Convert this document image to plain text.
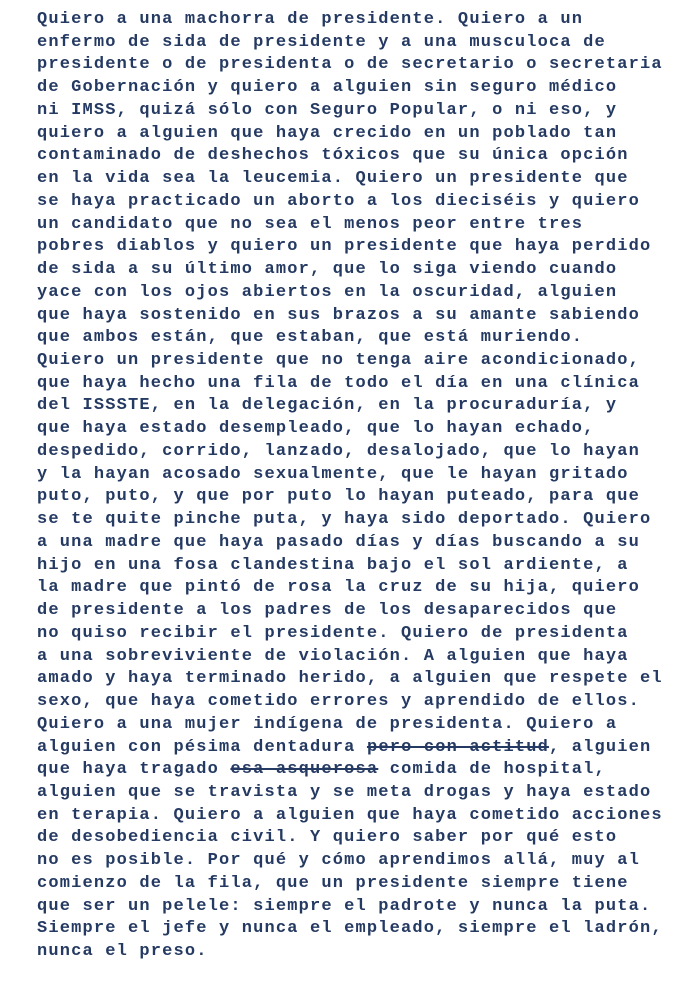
Quiero a una machorra de presidente. Quiero a un
enfermo de sida de presidente y a una musculoca de
presidente o de presidenta o de secretario o secretaria
de Gobernación y quiero a alguien sin seguro médico
ni IMSS, quizá sólo con Seguro Popular, o ni eso, y
quiero a alguien que haya crecido en un poblado tan
contaminado de deshechos tóxicos que su única opción
en la vida sea la leucemia. Quiero un presidente que
se haya practicado un aborto a los dieciséis y quiero
un candidato que no sea el menos peor entre tres
pobres diablos y quiero un presidente que haya perdido
de sida a su último amor, que lo siga viendo cuando
yace con los ojos abiertos en la oscuridad, alguien
que haya sostenido en sus brazos a su amante sabiendo
que ambos están, que estaban, que está muriendo.
Quiero un presidente que no tenga aire acondicionado,
que haya hecho una fila de todo el día en una clínica
del ISSSTE, en la delegación, en la procuraduría, y
que haya estado desempleado, que lo hayan echado,
despedido, corrido, lanzado, desalojado, que lo hayan
y la hayan acosado sexualmente, que le hayan gritado
puto, puto, y que por puto lo hayan puteado, para que
se te quite pinche puta, y haya sido deportado. Quiero
a una madre que haya pasado días y días buscando a su
hijo en una fosa clandestina bajo el sol ardiente, a
la madre que pintó de rosa la cruz de su hija, quiero
de presidente a los padres de los desaparecidos que
no quiso recibir el presidente. Quiero de presidenta
a una sobreviviente de violación. A alguien que haya
amado y haya terminado herido, a alguien que respete el
sexo, que haya cometido errores y aprendido de ellos.
Quiero a una mujer indígena de presidenta. Quiero a
alguien con pésima dentadura pero con actitud, alguien
que haya tragado esa asquerosa comida de hospital,
alguien que se travista y se meta drogas y haya estado
en terapia. Quiero a alguien que haya cometido acciones
de desobediencia civil. Y quiero saber por qué esto
no es posible. Por qué y cómo aprendimos allá, muy al
comienzo de la fila, que un presidente siempre tiene
que ser un pelele: siempre el padrote y nunca la puta.
Siempre el jefe y nunca el empleado, siempre el ladrón,
nunca el preso.
